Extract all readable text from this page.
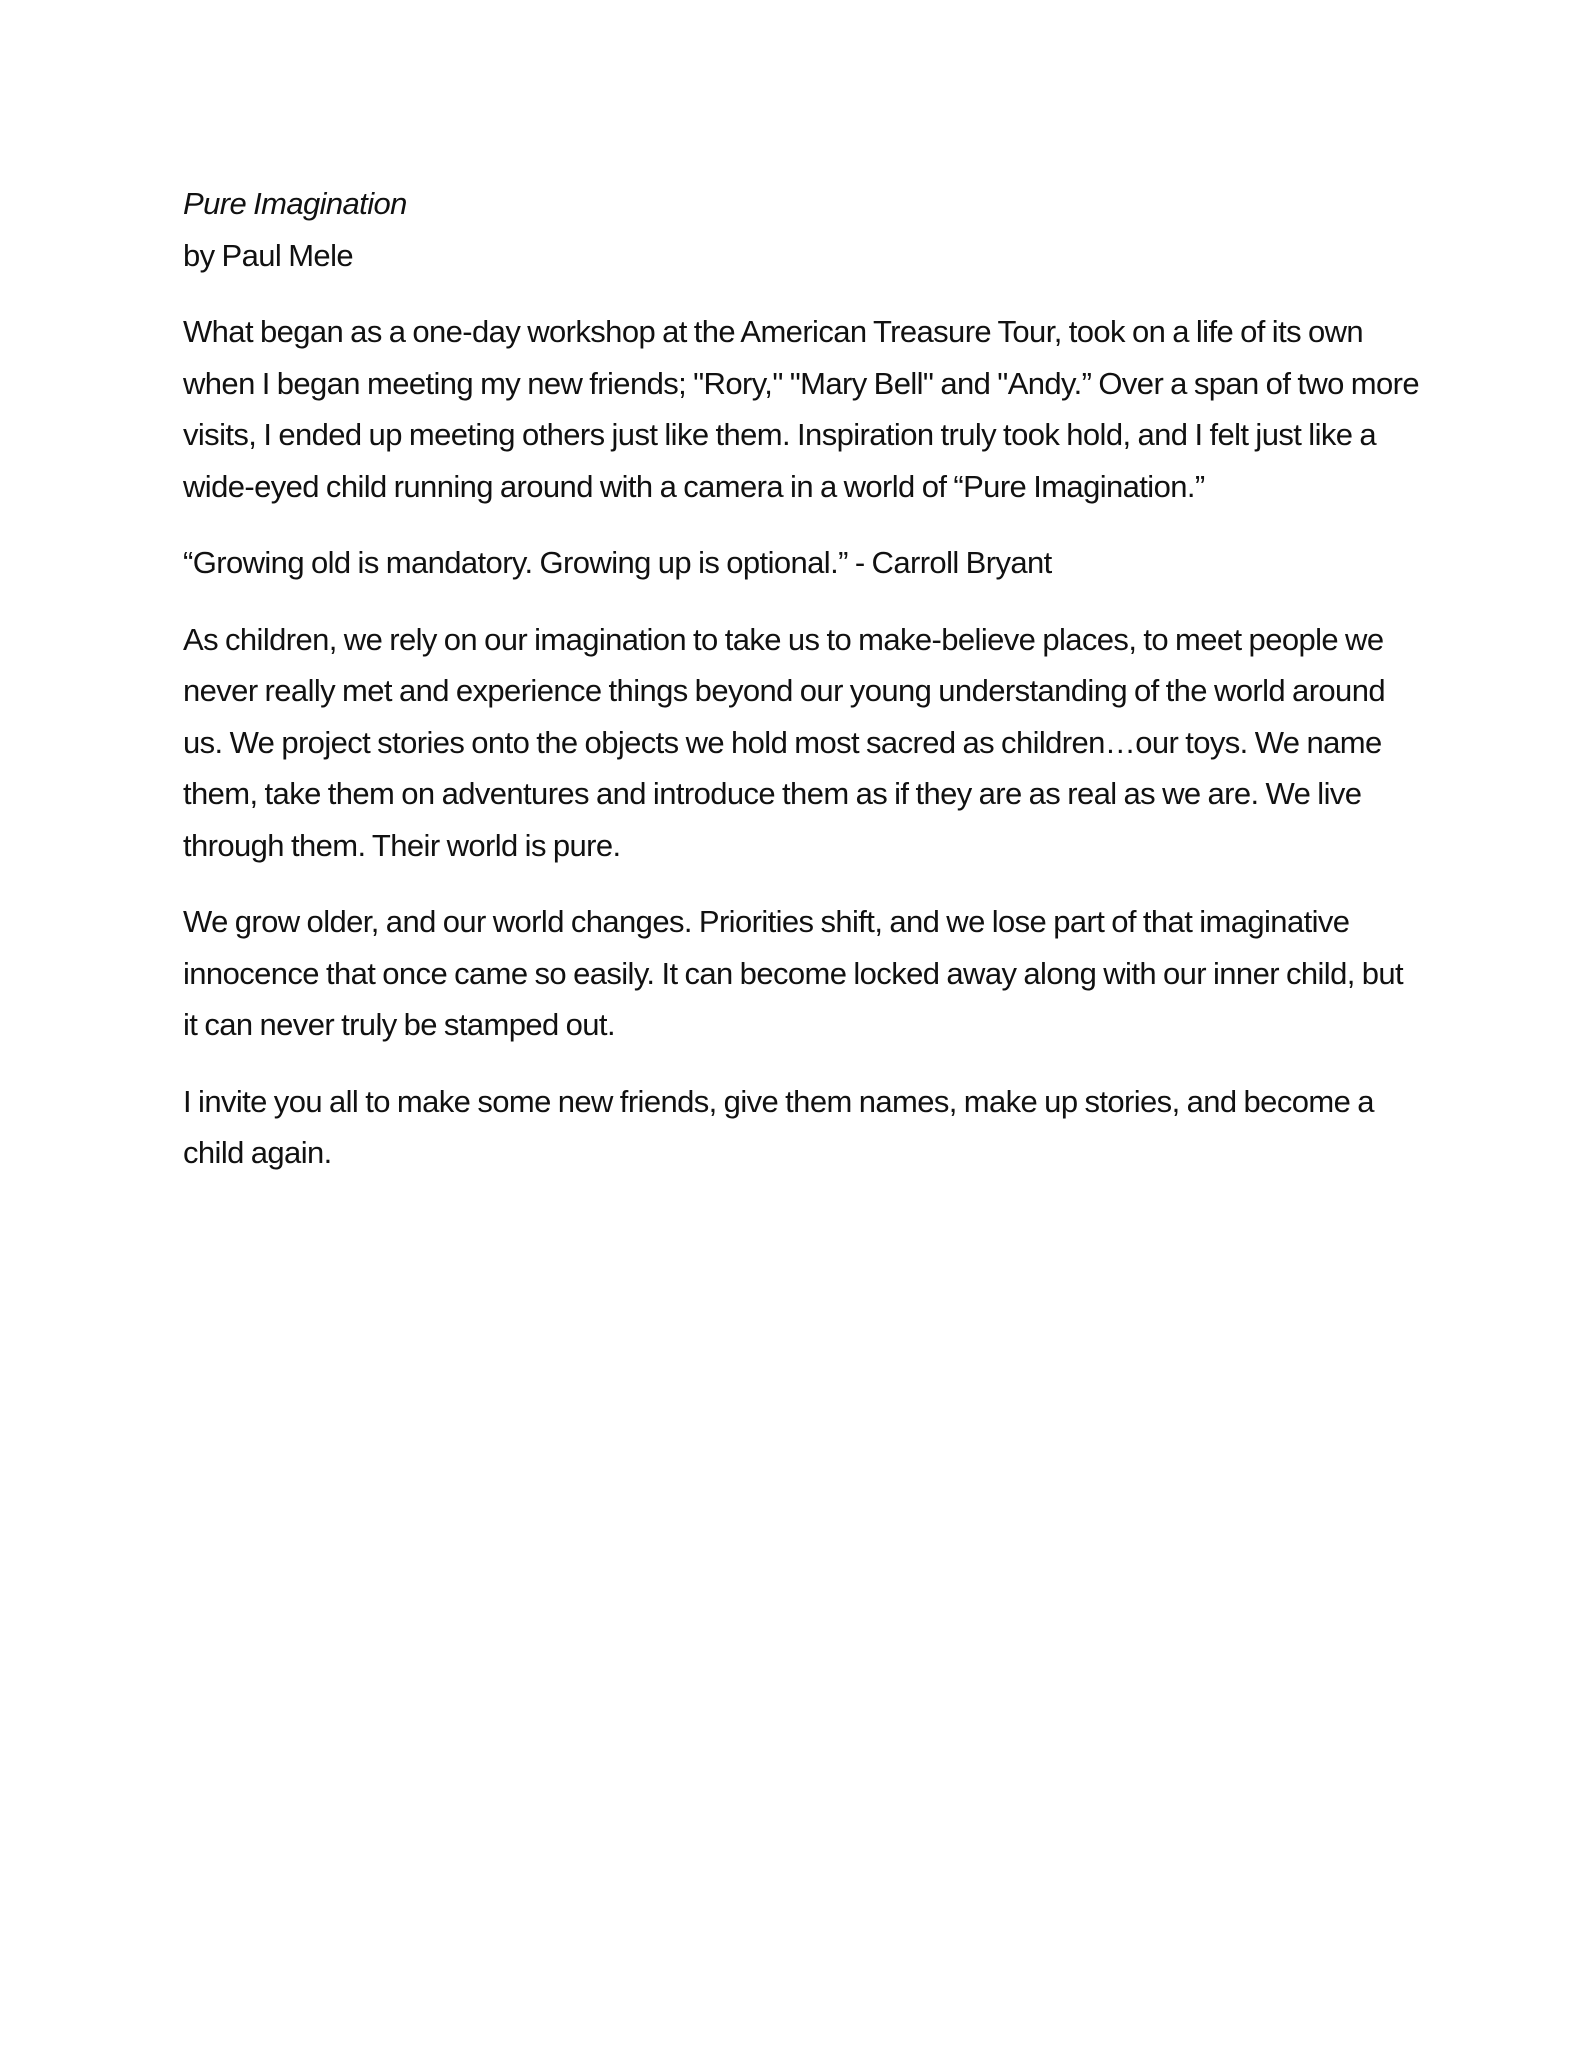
Pure Imagination

by Paul Mele

What began as a one-day workshop at the American Treasure Tour, took on a life of its own when I began meeting my new friends; "Rory," "Mary Bell" and "Andy.” Over a span of two more visits, I ended up meeting others just like them. Inspiration truly took hold, and I felt just like a wide-eyed child running around with a camera in a world of “Pure Imagination.”

“Growing old is mandatory. Growing up is optional.” - Carroll Bryant

As children, we rely on our imagination to take us to make-believe places, to meet people we never really met and experience things beyond our young understanding of the world around us. We project stories onto the objects we hold most sacred as children…our toys. We name them, take them on adventures and introduce them as if they are as real as we are. We live through them. Their world is pure.

We grow older, and our world changes. Priorities shift, and we lose part of that imaginative innocence that once came so easily. It can become locked away along with our inner child, but it can never truly be stamped out.

I invite you all to make some new friends, give them names, make up stories, and become a child again.
